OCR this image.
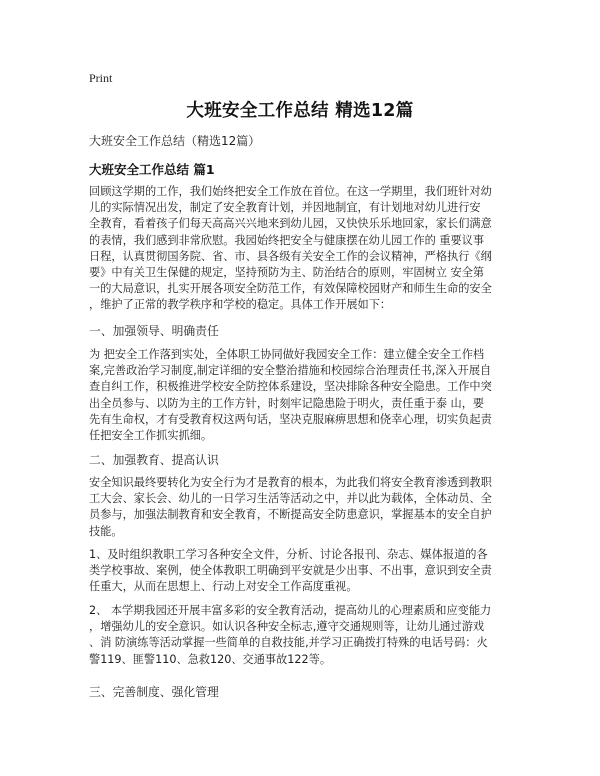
Print
大班安全工作总结 精选12篇
大班安全工作总结（精选12篇）
大班安全工作总结 篇1

回顾这学期的工作，我们始终把安全工作放在首位。在这一学期里，我们班针对幼

儿的实际情况出发，制定了安全教育计划，并因地制宜，有计划地对幼儿进行安

全教育，看着孩子们每天高高兴兴地来到幼儿园，又快快乐乐地回家，家长们满意

的表情，我们感到非常欣慰。我园始终把安全与健康摆在幼儿园工作的 重要议事

日程，认真贯彻国务院、省、市、县各级有关安全工作的会议精神，严格执行《纲

要》中有关卫生保健的规定，坚持预防为主、防治结合的原则，牢固树立 安全第

一的大局意识，扎实开展各项安全防范工作，有效保障校园财产和师生生命的安全

，维护了正常的教学秩序和学校的稳定。具体工作开展如下：

一、加强领导、明确责任

为 把安全工作落到实处，全体职工协同做好我园安全工作：建立健全安全工作档

案,完善政治学习制度,制定详细的安全整治措施和校园综合治理责任书,深入开展自

查自纠工作，积极推进学校安全防控体系建设，坚决排除各种安全隐患。工作中突

出全员参与、以防为主的工作方针，时刻牢记隐患险于明火，责任重于泰 山，要

先有生命权，才有受教育权这两句话，坚决克服麻痹思想和侥幸心理，切实负起责

任把安全工作抓实抓细。

二、加强教育、提高认识

安全知识最终要转化为安全行为才是教育的根本，为此我们将安全教育渗透到教职

工大会、家长会、幼儿的一日学习生活等活动之中，并以此为载体，全体动员、全

员参与，加强法制教育和安全教育，不断提高安全防患意识，掌握基本的安全自护

技能。

1、及时组织教职工学习各种安全文件，分析、讨论各报刊、杂志、媒体报道的各

类学校事故、案例，使全体教职工明确到平安就是少出事、不出事，意识到安全责

任重大，从而在思想上、行动上对安全工作高度重视。

2、 本学期我园还开展丰富多彩的安全教育活动，提高幼儿的心理素质和应变能力

，增强幼儿的安全意识。如认识各种安全标志,遵守交通规则等，让幼儿通过游戏

、消 防演练等活动掌握一些简单的自救技能,并学习正确拨打特殊的电话号码：火

警119、匪警110、急救120、交通事故122等。

三、完善制度、强化管理
